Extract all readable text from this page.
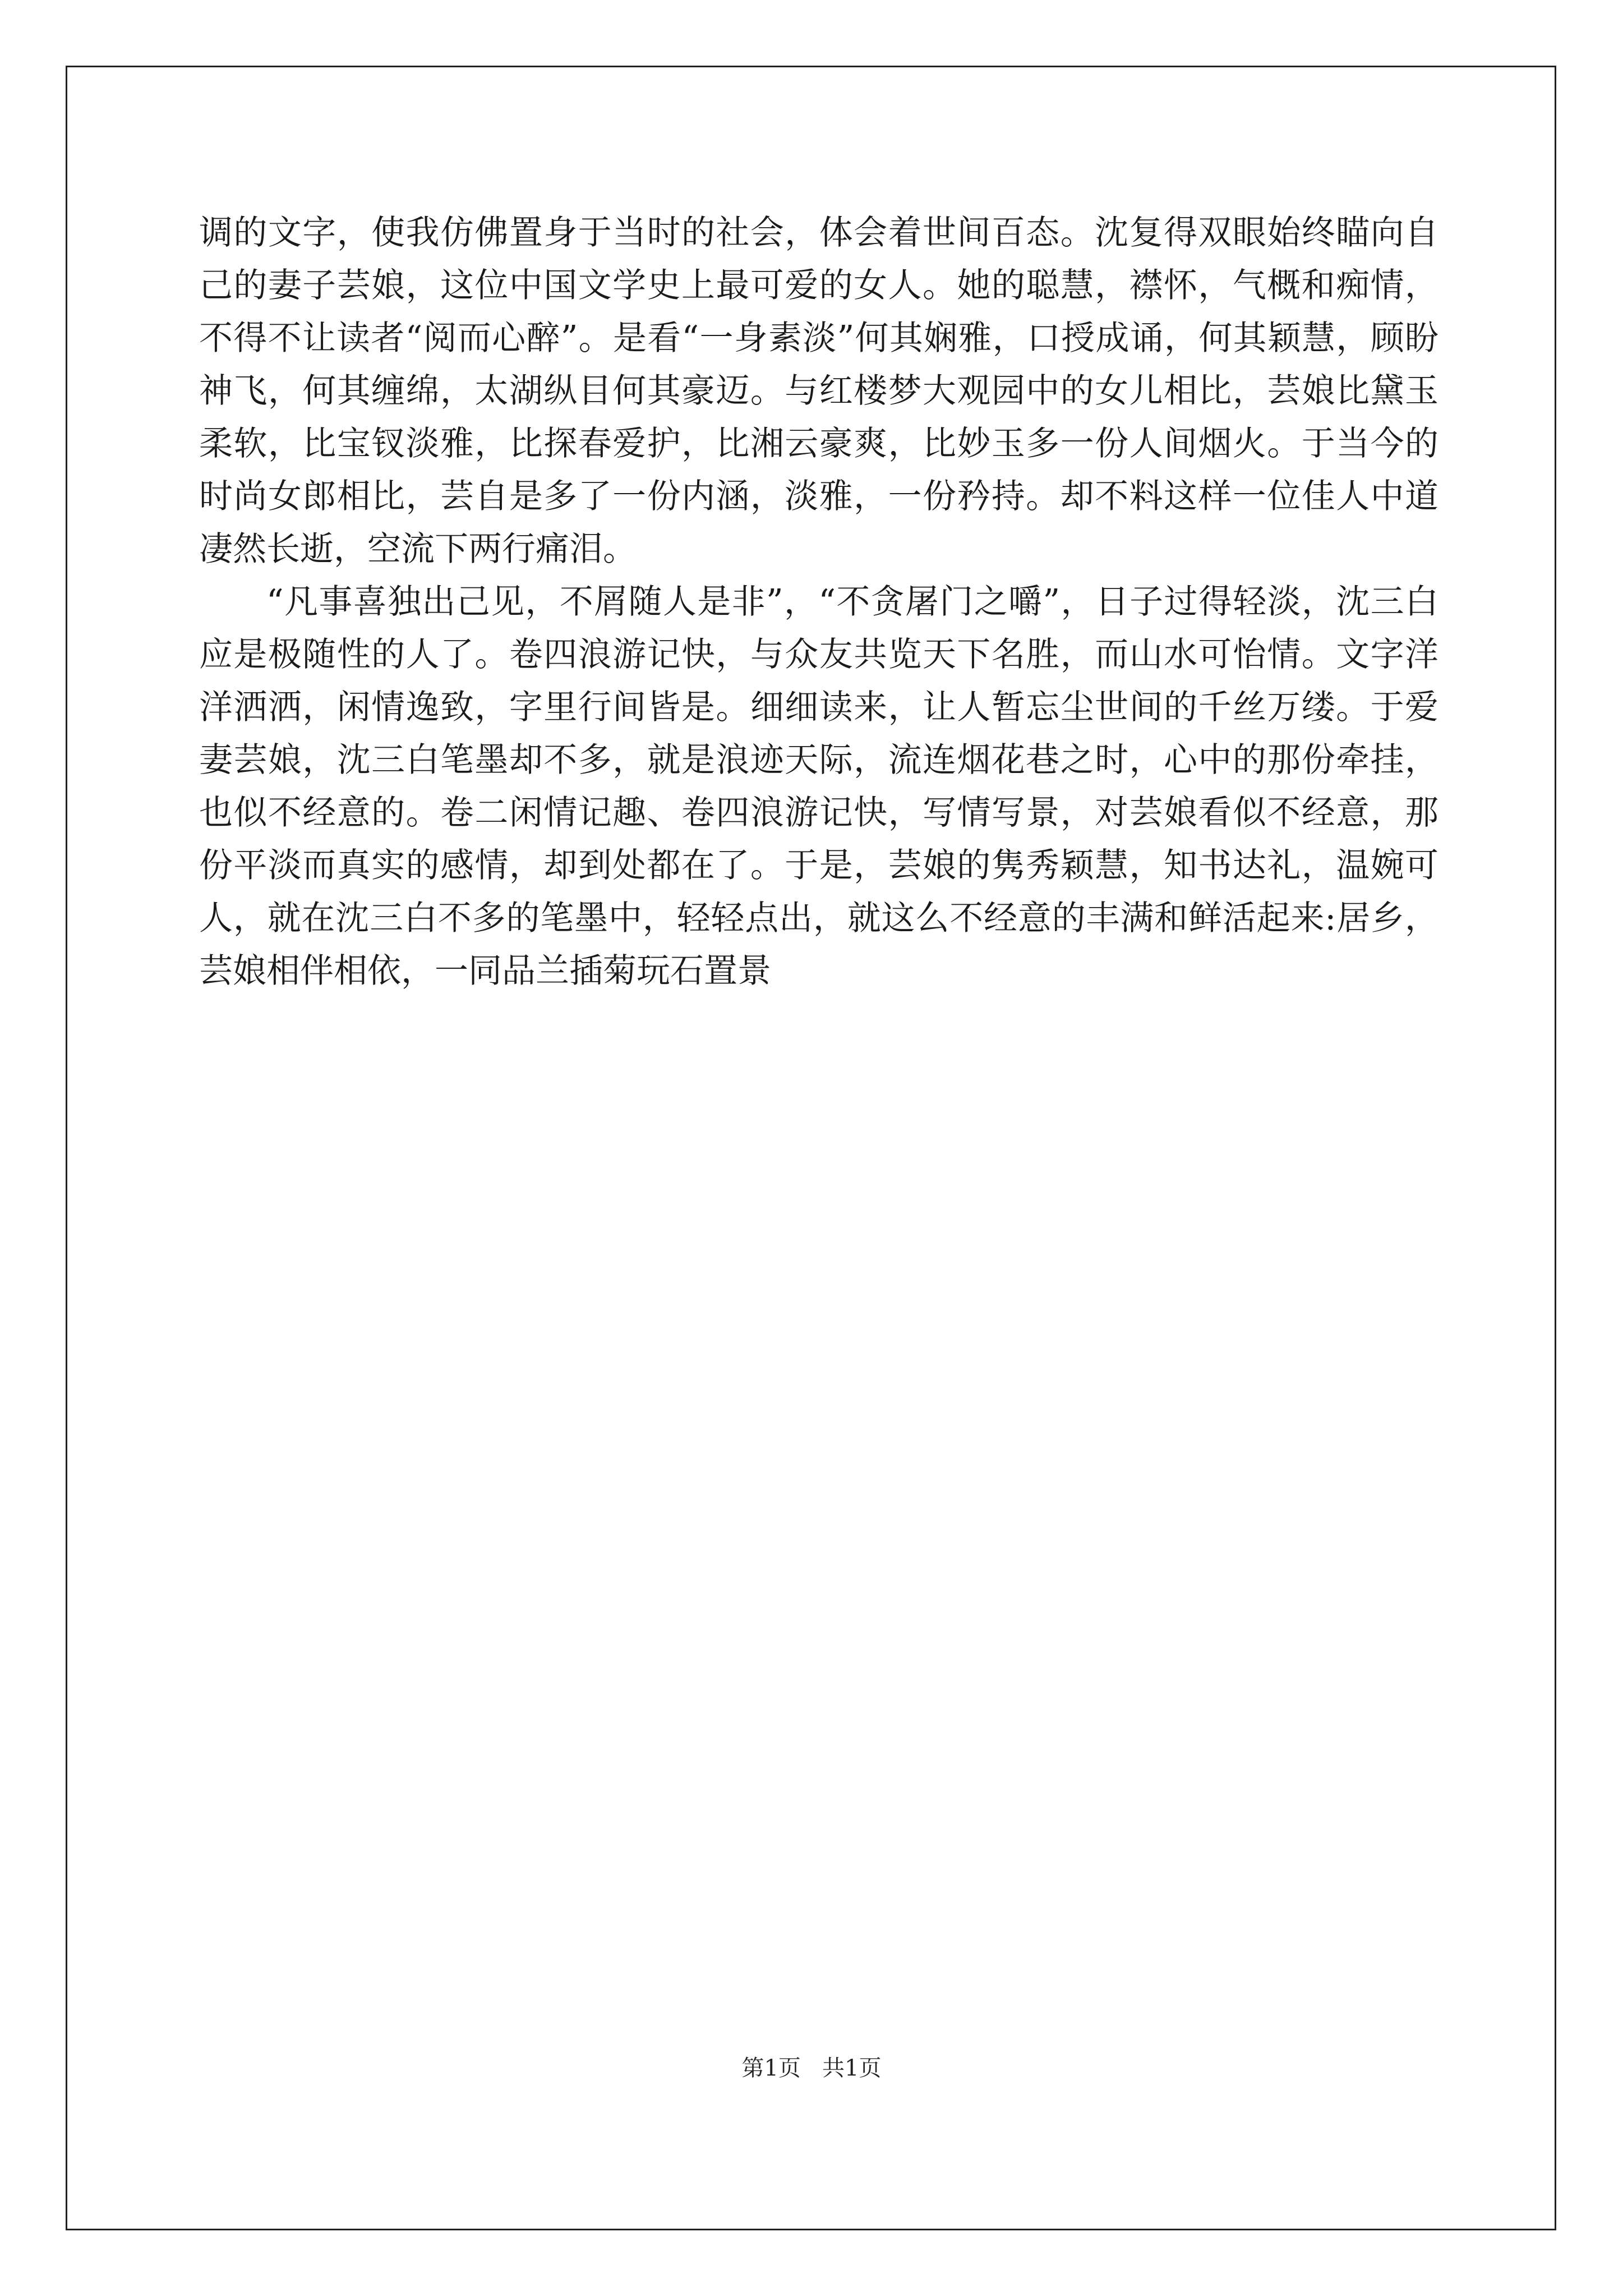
调的文字，使我仿佛置身于当时的社会，体会着世间百态。沈复得双眼始终瞄向自己的妻子芸娘，这位中国文学史上最可爱的女人。她的聪慧，襟怀，气概和痴情，不得不让读者“阅而心醉”。是看“一身素淡”何其娴雅，口授成诵，何其颖慧，顾盼神飞，何其缠绵，太湖纵目何其豪迈。与红楼梦大观园中的女儿相比，芸娘比黛玉柔软，比宝钗淡雅，比探春爱护，比湘云豪爽，比妙玉多一份人间烟火。于当今的时尚女郎相比，芸自是多了一份内涵，淡雅，一份矜持。却不料这样一位佳人中道凄然长逝，空流下两行痛泪。

“凡事喜独出己见，不屑随人是非”，“不贪屠门之嚼”，日子过得轻淡，沈三白应是极随性的人了。卷四浪游记快，与众友共览天下名胜，而山水可怡情。文字洋洋洒洒，闲情逸致，字里行间皆是。细细读来，让人暂忘尘世间的千丝万缕。于爱妻芸娘，沈三白笔墨却不多，就是浪迹天际，流连烟花巷之时，心中的那份牵挂，也似不经意的。卷二闲情记趣、卷四浪游记快，写情写景，对芸娘看似不经意，那份平淡而真实的感情，却到处都在了。于是，芸娘的隽秀颖慧，知书达礼，温婉可人，就在沈三白不多的笔墨中，轻轻点出，就这么不经意的丰满和鲜活起来:居乡，芸娘相伴相依，一同品兰插菊玩石置景

第1页   共1页
